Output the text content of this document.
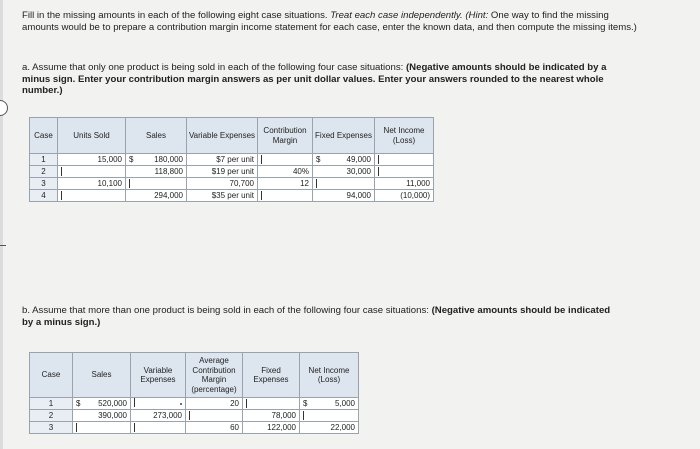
Fill in the missing amounts in each of the following eight case situations. Treat each case independently. (Hint: One way to find the missing amounts would be to prepare a contribution margin income statement for each case, enter the known data, and then compute the missing items.)
a. Assume that only one product is being sold in each of the following four case situations: (Negative amounts should be indicated by a minus sign. Enter your contribution margin answers as per unit dollar values. Enter your answers rounded to the nearest whole number.)
Case	Units Sold	Sales	Variable Expenses	Contribution Margin	Fixed Expenses	Net Income (Loss)
1	15,000	$ 180,000	$7 per unit		$ 49,000	

2		118,800	$19 per unit	40%	30,000	

3	10,100		70,700	12		11,000
4		294,000	$35 per unit		94,000	(10,000)
b. Assume that more than one product is being sold in each of the following four case situations: (Negative amounts should be indicated by a minus sign.)
Case	Sales	Variable Expenses	Average Contribution Margin (percentage)	Fixed Expenses	Net Income (Loss)
1	$ 520,000		20		$ 5,000
2	390,000	273,000		78,000	

3			60	122,000	22,000
